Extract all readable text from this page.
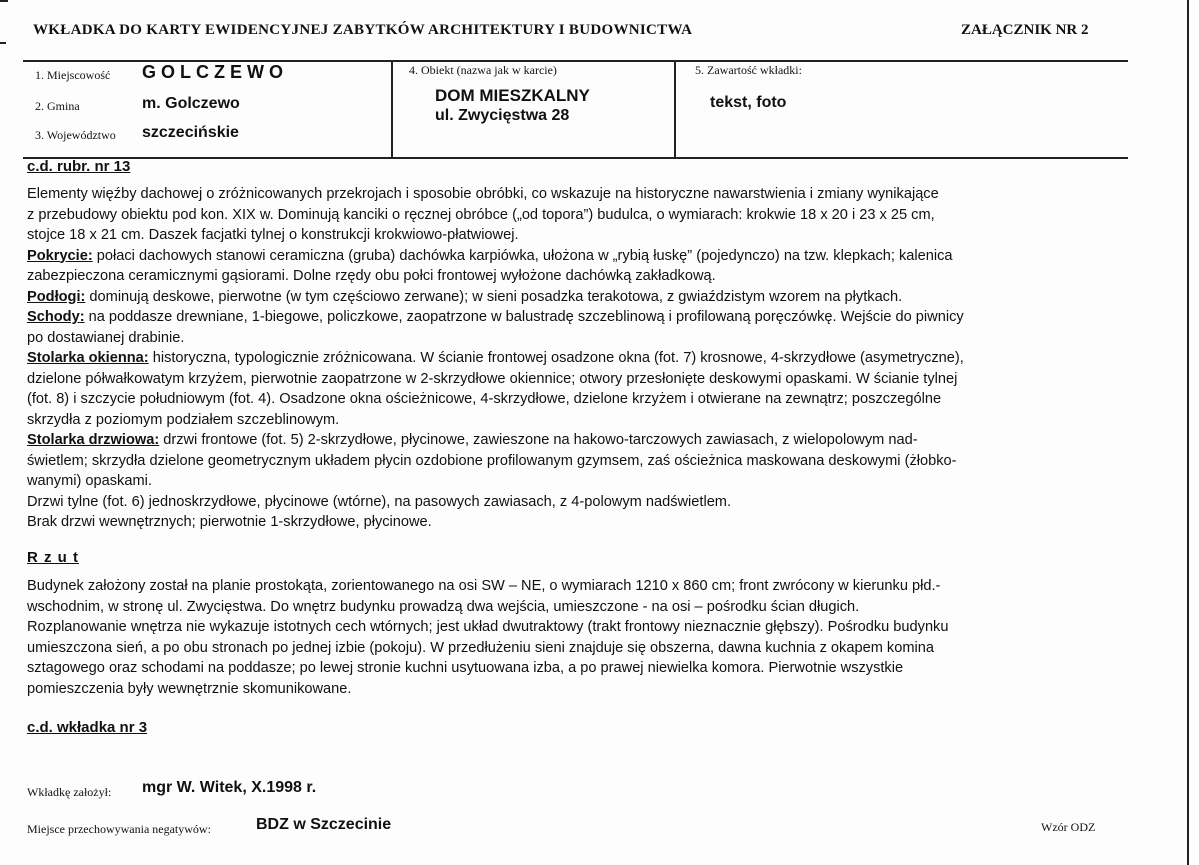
WKŁADKA DO KARTY EWIDENCYJNEJ ZABYTKÓW ARCHITEKTURY I BUDOWNICTWA	ZAŁĄCZNIK NR 2
1. Miejscowość GOLCZEWO
2. Gmina	m. Golczewo
3. Województwo szczecińskie
4. Obiekt (nazwa jak w karcie)
DOM MIESZKALNY
ul. Zwycięstwa 28
5. Zawartość wkładki:
tekst, foto
c.d. rubr. nr 13
Elementy więźby dachowej o zróżnicowanych przekrojach i sposobie obróbki, co wskazuje na historyczne nawarstwienia i zmiany wynikające
z przebudowy obiektu pod kon. XIX w. Dominują kanciki o ręcznej obróbce („od topora”) budulca, o wymiarach: krokwie 18 x 20 i 23 x 25 cm,
stojce 18 x 21 cm. Daszek facjatki tylnej o konstrukcji krokwiowo-płatwiowej.
Pokrycie: połaci dachowych stanowi ceramiczna (gruba) dachówka karpiówka, ułożona w „rybią łuskę” (pojedynczo) na tzw. klepkach; kalenica
zabezpieczona ceramicznymi gąsiorami. Dolne rzędy obu połci frontowej wyłożone dachówką zakładkową.
Podłogi: dominują deskowe, pierwotne (w tym częściowo zerwane); w sieni posadzka terakotowa, z gwiaździstym wzorem na płytkach.
Schody: na poddasze drewniane, 1-biegowe, policzkowe, zaopatrzone w balustradę szczeblinową i profilowaną poręczówkę. Wejście do piwnicy
po dostawianej drabinie.
Stolarka okienna: historyczna, typologicznie zróżnicowana. W ścianie frontowej osadzone okna (fot. 7) krosnowe, 4-skrzydłowe (asymetryczne),
dzielone półwałkowatym krzyżem, pierwotnie zaopatrzone w 2-skrzydłowe okiennice; otwory przesłonięte deskowymi opaskami. W ścianie tylnej
(fot. 8) i szczycie południowym (fot. 4). Osadzone okna ościeżnicowe, 4-skrzydłowe, dzielone krzyżem i otwierane na zewnątrz; poszczególne
skrzydła z poziomym podziałem szczeblinowym.
Stolarka drzwiowa: drzwi frontowe (fot. 5) 2-skrzydłowe, płycinowe, zawieszone na hakowo-tarczowych zawiasach, z wielopolowym nad-
świetlem; skrzydła dzielone geometrycznym układem płycin ozdobione profilowanym gzymsem, zaś ościeżnica maskowana deskowymi (żłobko-
wanymi) opaskami.
Drzwi tylne (fot. 6) jednoskrzydłowe, płycinowe (wtórne), na pasowych zawiasach, z 4-polowym nadświetlem.
Brak drzwi wewnętrznych; pierwotnie 1-skrzydłowe, płycinowe.
R z u t
Budynek założony został na planie prostokąta, zorientowanego na osi SW – NE, o wymiarach 1210 x 860 cm; front zwrócony w kierunku płd.-
wschodnim, w stronę ul. Zwycięstwa. Do wnętrz budynku prowadzą dwa wejścia, umieszczone - na osi – pośrodku ścian długich.
Rozplanowanie wnętrza nie wykazuje istotnych cech wtórnych; jest układ dwutraktowy (trakt frontowy nieznacznie głębszy). Pośrodku budynku
umieszczona sień, a po obu stronach po jednej izbie (pokoju). W przedłużeniu sieni znajduje się obszerna, dawna kuchnia z okapem komina
sztagowego oraz schodami na poddasze; po lewej stronie kuchni usytuowana izba, a po prawej niewielka komora. Pierwotnie wszystkie
pomieszczenia były wewnętrznie skomunikowane.
c.d. wkładka nr 3
Wkładkę założył: mgr W. Witek, X.1998 r.
Miejsce przechowywania negatywów:	BDZ w Szczecinie	Wzór ODZ
